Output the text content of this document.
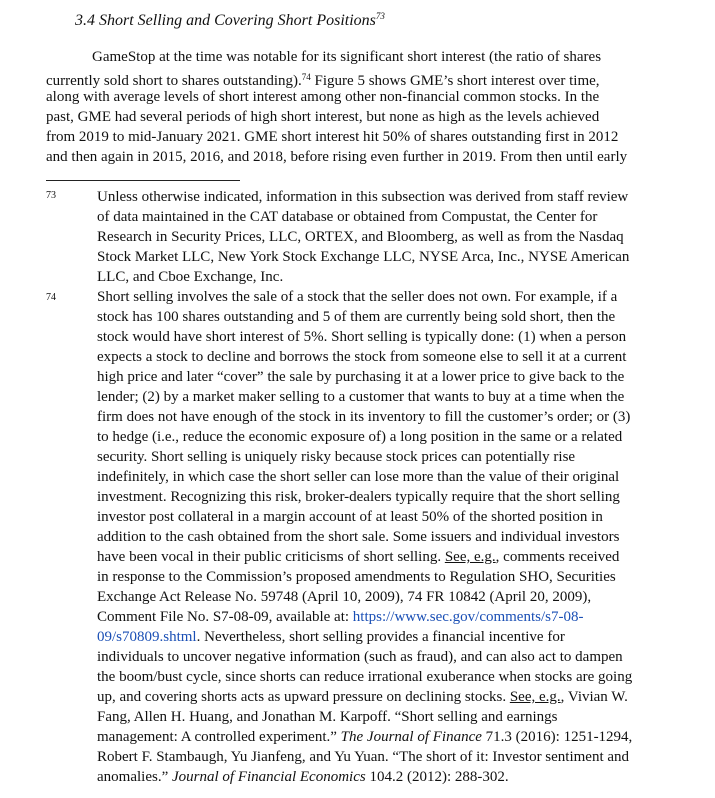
3.4 Short Selling and Covering Short Positions$^{73}$
GameStop at the time was notable for its significant short interest (the ratio of shares
currently sold short to shares outstanding).$^{74}$ Figure 5 shows GME’s short interest over time,
along with average levels of short interest among other non-financial common stocks. In the
past, GME had several periods of high short interest, but none as high as the levels achieved
from 2019 to mid-January 2021. GME short interest hit 50% of shares outstanding first in 2012
and then again in 2015, 2016, and 2018, before rising even further in 2019. From then until early
73	Unless otherwise indicated, information in this subsection was derived from staff review
of data maintained in the CAT database or obtained from Compustat, the Center for
Research in Security Prices, LLC, ORTEX, and Bloomberg, as well as from the Nasdaq
Stock Market LLC, New York Stock Exchange LLC, NYSE Arca, Inc., NYSE American
LLC, and Cboe Exchange, Inc.
74	Short selling involves the sale of a stock that the seller does not own. For example, if a
stock has 100 shares outstanding and 5 of them are currently being sold short, then the
stock would have short interest of 5%. Short selling is typically done: (1) when a person
expects a stock to decline and borrows the stock from someone else to sell it at a current
high price and later “cover” the sale by purchasing it at a lower price to give back to the
lender; (2) by a market maker selling to a customer that wants to buy at a time when the
firm does not have enough of the stock in its inventory to fill the customer’s order; or (3)
to hedge (i.e., reduce the economic exposure of) a long position in the same or a related
security. Short selling is uniquely risky because stock prices can potentially rise
indefinitely, in which case the short seller can lose more than the value of their original
investment. Recognizing this risk, broker-dealers typically require that the short selling
investor post collateral in a margin account of at least 50% of the shorted position in
addition to the cash obtained from the short sale. Some issuers and individual investors
have been vocal in their public criticisms of short selling. See, e.g., comments received
in response to the Commission’s proposed amendments to Regulation SHO, Securities
Exchange Act Release No. 59748 (April 10, 2009), 74 FR 10842 (April 20, 2009),
Comment File No. S7-08-09, available at: https://www.sec.gov/comments/s7-08-
09/s70809.shtml. Nevertheless, short selling provides a financial incentive for
individuals to uncover negative information (such as fraud), and can also act to dampen
the boom/bust cycle, since shorts can reduce irrational exuberance when stocks are going
up, and covering shorts acts as upward pressure on declining stocks. See, e.g., Vivian W.
Fang, Allen H. Huang, and Jonathan M. Karpoff. “Short selling and earnings
management: A controlled experiment.” The Journal of Finance 71.3 (2016): 1251-1294,
Robert F. Stambaugh, Yu Jianfeng, and Yu Yuan. “The short of it: Investor sentiment and
anomalies.” Journal of Financial Economics 104.2 (2012): 288-302.
